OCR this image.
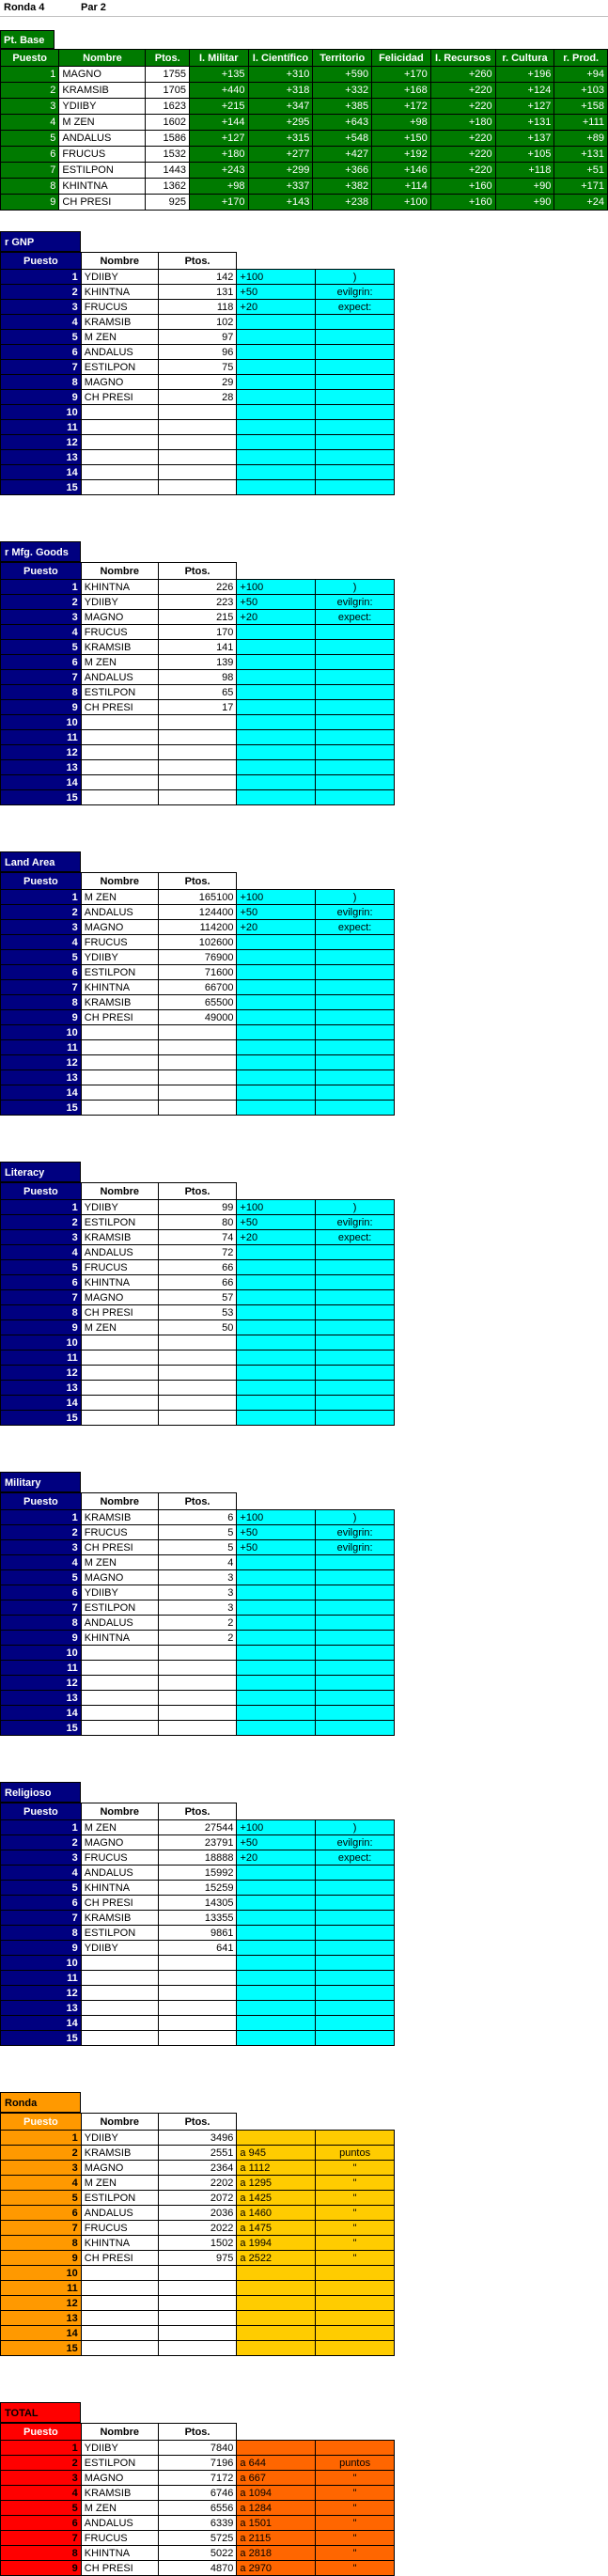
Ronda 4	Par 2
Pt. Base
Puesto	Nombre	Ptos.	I. Militar	I. Científico	Territorio	Felicidad	I. Recursos	r. Cultura	r. Prod.
1	MAGNO	1755	+135	+310	+590	+170	+260	+196	+94
2	KRAMSIB	1705	+440	+318	+332	+168	+220	+124	+103
3	YDIIBY	1623	+215	+347	+385	+172	+220	+127	+158
4	M ZEN	1602	+144	+295	+643	+98	+180	+131	+111
5	ANDALUS	1586	+127	+315	+548	+150	+220	+137	+89
6	FRUCUS	1532	+180	+277	+427	+192	+220	+105	+131
7	ESTILPON	1443	+243	+299	+366	+146	+220	+118	+51
8	KHINTNA	1362	+98	+337	+382	+114	+160	+90	+171
9	CH PRESI	925	+170	+143	+238	+100	+160	+90	+24
r GNP
Puesto	Nombre	Ptos.		
1	YDIIBY	142	+100	)
2	KHINTNA	131	+50	evilgrin:
3	FRUCUS	118	+20	expect:
4	KRAMSIB	102		
5	M ZEN	97		
6	ANDALUS	96		
7	ESTILPON	75		
8	MAGNO	29		
9	CH PRESI	28		
10				
11				
12				
13				
14				
15				
r Mfg. Goods
Puesto	Nombre	Ptos.		
1	KHINTNA	226	+100	)
2	YDIIBY	223	+50	evilgrin:
3	MAGNO	215	+20	expect:
4	FRUCUS	170		
5	KRAMSIB	141		
6	M ZEN	139		
7	ANDALUS	98		
8	ESTILPON	65		
9	CH PRESI	17		
10				
11				
12				
13				
14				
15				
Land Area
Puesto	Nombre	Ptos.		
1	M ZEN	165100	+100	)
2	ANDALUS	124400	+50	evilgrin:
3	MAGNO	114200	+20	expect:
4	FRUCUS	102600		
5	YDIIBY	76900		
6	ESTILPON	71600		
7	KHINTNA	66700		
8	KRAMSIB	65500		
9	CH PRESI	49000		
10				
11				
12				
13				
14				
15				
Literacy
Puesto	Nombre	Ptos.		
1	YDIIBY	99	+100	)
2	ESTILPON	80	+50	evilgrin:
3	KRAMSIB	74	+20	expect:
4	ANDALUS	72		
5	FRUCUS	66		
6	KHINTNA	66		
7	MAGNO	57		
8	CH PRESI	53		
9	M ZEN	50		
10				
11				
12				
13				
14				
15				
Military
Puesto	Nombre	Ptos.		
1	KRAMSIB	6	+100	)
2	FRUCUS	5	+50	evilgrin:
3	CH PRESI	5	+50	evilgrin:
4	M ZEN	4		
5	MAGNO	3		
6	YDIIBY	3		
7	ESTILPON	3		
8	ANDALUS	2		
9	KHINTNA	2		
10				
11				
12				
13				
14				
15				
Religioso
Puesto	Nombre	Ptos.		
1	M ZEN	27544	+100	)
2	MAGNO	23791	+50	evilgrin:
3	FRUCUS	18888	+20	expect:
4	ANDALUS	15992		
5	KHINTNA	15259		
6	CH PRESI	14305		
7	KRAMSIB	13355		
8	ESTILPON	9861		
9	YDIIBY	641		
10				
11				
12				
13				
14				
15				
Ronda
Puesto	Nombre	Ptos.		
1	YDIIBY	3496		
2	KRAMSIB	2551	a 945	puntos
3	MAGNO	2364	a 1112	"
4	M ZEN	2202	a 1295	"
5	ESTILPON	2072	a 1425	"
6	ANDALUS	2036	a 1460	"
7	FRUCUS	2022	a 1475	"
8	KHINTNA	1502	a 1994	"
9	CH PRESI	975	a 2522	"
10				
11				
12				
13				
14				
15				
TOTAL
Puesto	Nombre	Ptos.		
1	YDIIBY	7840		
2	ESTILPON	7196	a 644	puntos
3	MAGNO	7172	a 667	"
4	KRAMSIB	6746	a 1094	"
5	M ZEN	6556	a 1284	"
6	ANDALUS	6339	a 1501	"
7	FRUCUS	5725	a 2115	"
8	KHINTNA	5022	a 2818	"
9	CH PRESI	4870	a 2970	"
